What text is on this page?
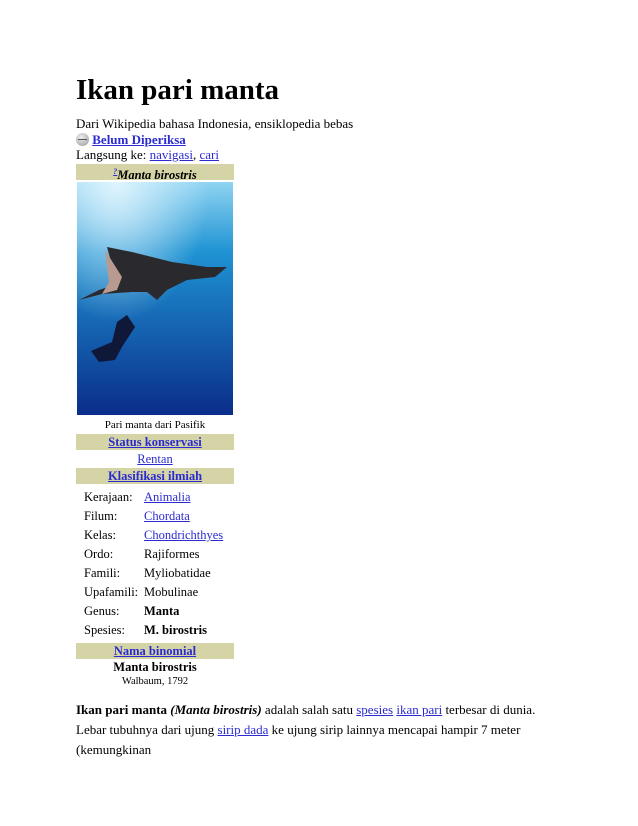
Ikan pari manta
Dari Wikipedia bahasa Indonesia, ensiklopedia bebas
Belum Diperiksa
Langsung ke: navigasi, cari
?Manta birostris
Pari manta dari Pasifik
Status konservasi
Rentan
Klasifikasi ilmiah
Kerajaan: Animalia
Filum:	Chordata
Kelas:	Chondrichthyes
Ordo:	Rajiformes
Famili:	Myliobatidae
Upafamili: Mobulinae
Genus:	Manta
Spesies:	M. birostris
Nama binomial
Manta birostris
Walbaum, 1792

Ikan pari manta (Manta birostris) adalah salah satu spesies ikan pari terbesar di dunia. Lebar tubuhnya dari ujung sirip dada ke ujung sirip lainnya mencapai hampir 7 meter (kemungkinan
